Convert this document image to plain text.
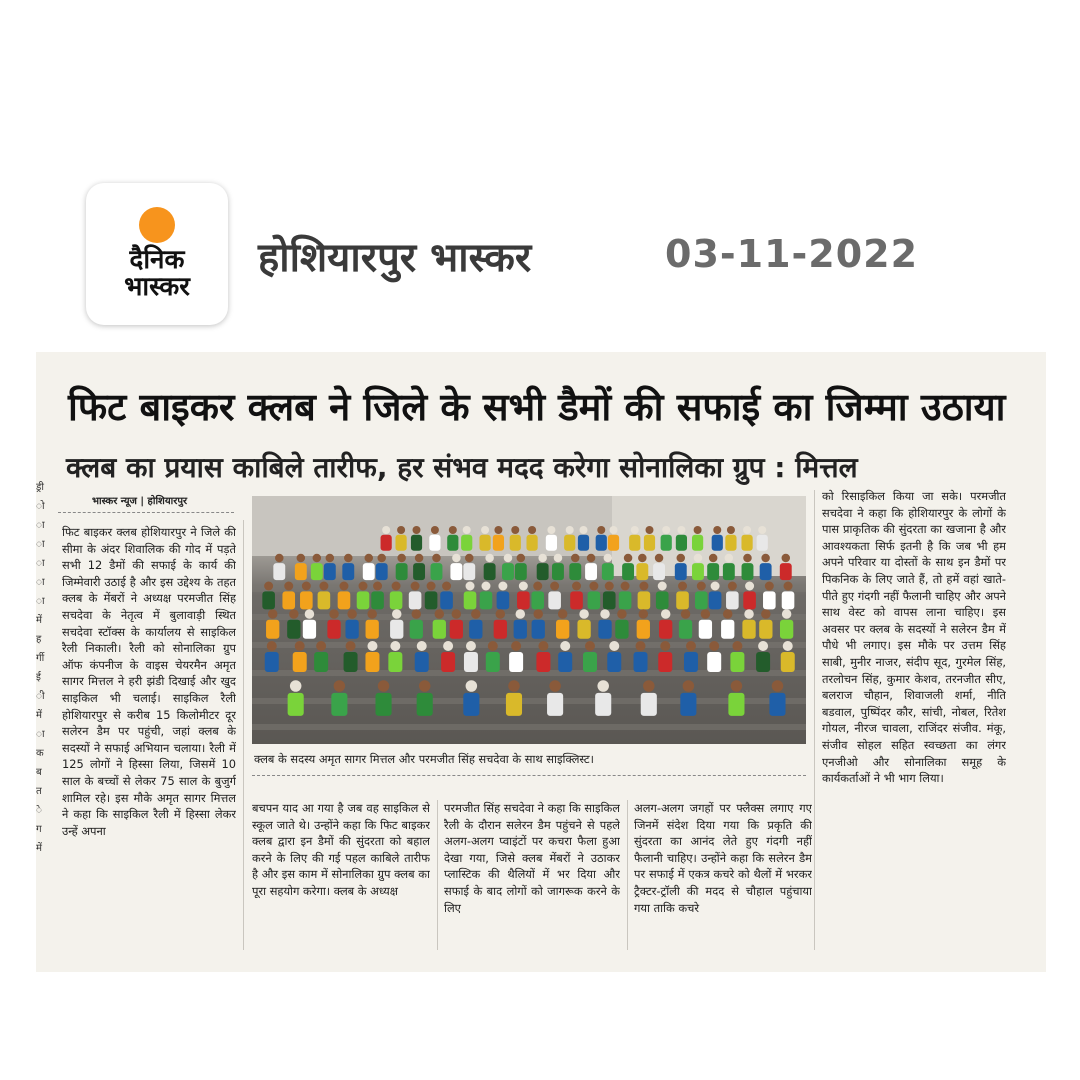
दैनिक
भास्कर
होशियारपुर भास्कर	03-11-2022
फिट बाइकर क्लब ने जिले के सभी डैमों की सफाई का जिम्मा उठाया
क्लब का प्रयास काबिले तारीफ, हर संभव मदद करेगा सोनालिका ग्रुप : मित्तल
ड्री
ो
ा
ा
ा
ा
ा
में
ह
र्गी
ई
ी
में
ा
क
ब
त
े
ग
में
भास्कर न्यूज | होशियारपुर
फिट बाइकर क्लब होशियारपुर ने जिले की सीमा के अंदर शिवालिक की गोद में पड़ते सभी 12 डैमों की सफाई के कार्य की जिम्मेवारी उठाई है और इस उद्देश्य के तहत क्लब के मेंबरों ने अध्यक्ष परमजीत सिंह सचदेवा के नेतृत्व में बुलावाड़ी स्थित सचदेवा स्टॉक्स के कार्यालय से साइकिल रैली निकाली। रैली को सोनालिका ग्रुप ऑफ कंपनीज के वाइस चेयरमैन अमृत सागर मित्तल ने हरी झंडी दिखाई और खुद साइकिल भी चलाई। साइकिल रैली होशियारपुर से करीब 15 किलोमीटर दूर सलेरन डैम पर पहुंची, जहां क्लब के सदस्यों ने सफाई अभियान चलाया। रैली में 125 लोगों ने हिस्सा लिया, जिसमें 10 साल के बच्चों से लेकर 75 साल के बुजुर्ग शामिल रहे। इस मौके अमृत सागर मित्तल ने कहा कि साइकिल रैली में हिस्सा लेकर उन्हें अपना
क्लब के सदस्य अमृत सागर मित्तल और परमजीत सिंह सचदेवा के साथ साइक्लिस्ट।
बचपन याद आ गया है जब वह साइकिल से स्कूल जाते थे। उन्होंने कहा कि फिट बाइकर क्लब द्वारा इन डैमों की सुंदरता को बहाल करने के लिए की गई पहल काबिले तारीफ है और इस काम में सोनालिका ग्रुप क्लब का पूरा सहयोग करेगा। क्लब के अध्यक्ष
परमजीत सिंह सचदेवा ने कहा कि साइकिल रैली के दौरान सलेरन डैम पहुंचने से पहले अलग-अलग प्वाइंटों पर कचरा फैला हुआ देखा गया, जिसे क्लब मेंबरों ने उठाकर प्लास्टिक की थैलियों में भर दिया और सफाई के बाद लोगों को जागरूक करने के लिए
अलग-अलग जगहों पर फ्लैक्स लगाए गए जिनमें संदेश दिया गया कि प्रकृति की सुंदरता का आनंद लेते हुए गंदगी नहीं फैलानी चाहिए। उन्होंने कहा कि सलेरन डैम पर सफाई में एकत्र कचरे को थैलों में भरकर ट्रैक्टर-ट्रॉली की मदद से चौहाल पहुंचाया गया ताकि कचरे
को रिसाइकिल किया जा सके। परमजीत सचदेवा ने कहा कि होशियारपुर के लोगों के पास प्राकृतिक की सुंदरता का खजाना है और आवश्यकता सिर्फ इतनी है कि जब भी हम अपने परिवार या दोस्तों के साथ इन डैमों पर पिकनिक के लिए जाते हैं, तो हमें वहां खाते-पीते हुए गंदगी नहीं फैलानी चाहिए और अपने साथ वेस्ट को वापस लाना चाहिए। इस अवसर पर क्लब के सदस्यों ने सलेरन डैम में पौधे भी लगाए। इस मौके पर उत्तम सिंह साबी, मुनीर नाजर, संदीप सूद, गुरमेल सिंह, तरलोचन सिंह, कुमार केशव, तरनजीत सीए, बलराज चौहान, शिवाजली शर्मा, नीति बडवाल, पुष्पिंदर कौर, सांची, नोबल, रितेश गोयल, नीरज चावला, राजिंदर संजीव. मंकू, संजीव सोहल सहित स्वच्छता का लंगर एनजीओ और सोनालिका समूह के कार्यकर्ताओं ने भी भाग लिया।
